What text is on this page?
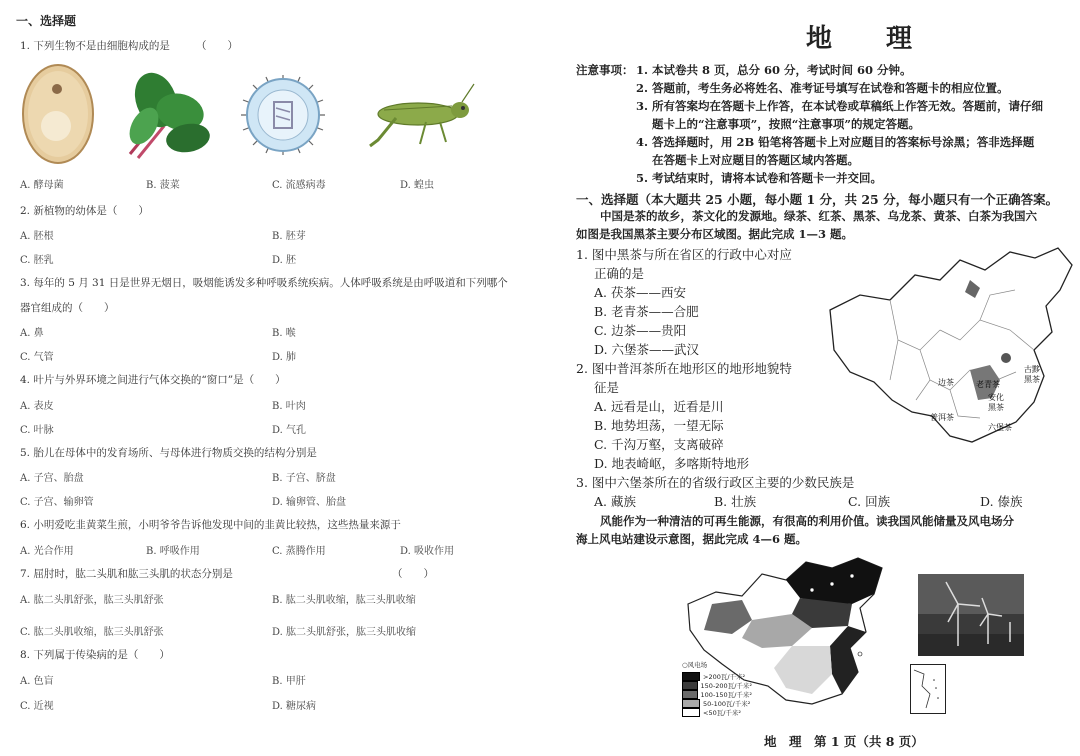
一、选择题
1. 下列生物不是由细胞构成的是 （　　）
A. 酵母菌	B. 菠菜	C. 流感病毒	D. 蝗虫
2. 新植物的幼体是（　　）
A. 胚根	B. 胚芽
C. 胚乳	D. 胚
3. 每年的 5 月 31 日是世界无烟日，吸烟能诱发多种呼吸系统疾病。人体呼吸系统是由呼吸道和下列哪个
器官组成的（　　）
A. 鼻	B. 喉
C. 气管	D. 肺
4. 叶片与外界环境之间进行气体交换的“窗口”是（　　）
A. 表皮	B. 叶肉
C. 叶脉	D. 气孔
5. 胎儿在母体中的发育场所、与母体进行物质交换的结构分别是
A. 子宫、胎盘	B. 子宫、脐盘
C. 子宫、输卵管	D. 输卵管、胎盘
6. 小明爱吃韭黄菜生煎，小明爷爷告诉他发现中间的韭黄比较热，这些热量来源于
A. 光合作用	B. 呼吸作用	C. 蒸腾作用	D. 吸收作用
7. 屈肘时，肱二头肌和肱三头肌的状态分别是	（　　）
A. 肱二头肌舒张，肱三头肌舒张	B. 肱二头肌收缩，肱三头肌收缩
C. 肱二头肌收缩，肱三头肌舒张	D. 肱二头肌舒张，肱三头肌收缩
8. 下列属于传染病的是（　　）
A. 色盲	B. 甲肝
C. 近视	D. 糖尿病
地　理
注意事项： 1. 本试卷共 8 页，总分 60 分，考试时间 60 分钟。
2. 答题前，考生务必将姓名、准考证号填写在试卷和答题卡的相应位置。
3. 所有答案均在答题卡上作答，在本试卷或草稿纸上作答无效。答题前，请仔细
题卡上的“注意事项”，按照“注意事项”的规定答题。
4. 答选择题时，用 2B 铅笔将答题卡上对应题目的答案标号涂黑；答非选择题
在答题卡上对应题目的答题区域内答题。
5. 考试结束时，请将本试卷和答题卡一并交回。
一、选择题（本大题共 25 小题，每小题 1 分，共 25 分，每小题只有一个正确答案。
中国是茶的故乡，茶文化的发源地。绿茶、红茶、黑茶、乌龙茶、黄茶、白茶为我国六
如图是我国黑茶主要分布区域图。据此完成 1—3 题。
1. 图中黑茶与所在省区的行政中心对应
正确的是
A. 茯茶——西安
B. 老青茶——合肥
C. 边茶——贵阳
D. 六堡茶——武汉
2. 图中普洱茶所在地形区的地形地貌特
征是
A. 远看是山，近看是川
B. 地势坦荡，一望无际
C. 千沟万壑，支离破碎
D. 地表崎岖，多喀斯特地形
3. 图中六堡茶所在的省级行政区主要的少数民族是
A. 藏族	B. 壮族	C. 回族	D. 傣族
风能作为一种清洁的可再生能源，有很高的利用价值。读我国风能储量及风电场分
海上风电站建设示意图，据此完成 4—6 题。
边茶	老青茶
六堡茶
普洱茶
安化
黑茶
古黟
黑茶
○风电场
>200瓦/千米²
150-200瓦/千米²
100-150瓦/千米²
50-100瓦/千米²
<50瓦/千米²
地　理　第 1 页（共 8 页）
